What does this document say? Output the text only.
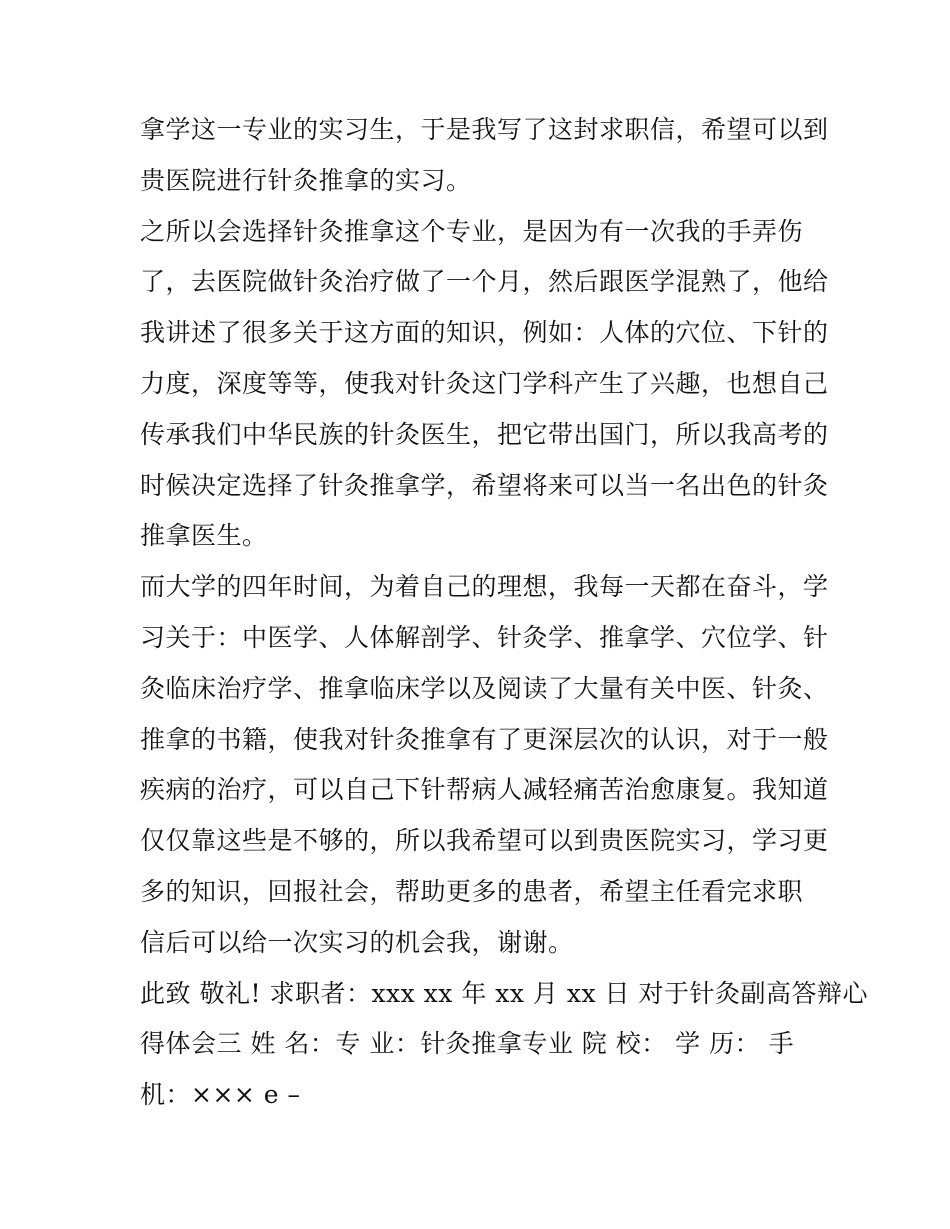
拿学这一专业的实习生，于是我写了这封求职信，希望可以到
贵医院进行针灸推拿的实习。
之所以会选择针灸推拿这个专业，是因为有一次我的手弄伤
了，去医院做针灸治疗做了一个月，然后跟医学混熟了，他给
我讲述了很多关于这方面的知识，例如：人体的穴位、下针的
力度，深度等等，使我对针灸这门学科产生了兴趣，也想自己
传承我们中华民族的针灸医生，把它带出国门，所以我高考的
时候决定选择了针灸推拿学，希望将来可以当一名出色的针灸
推拿医生。
而大学的四年时间，为着自己的理想，我每一天都在奋斗，学
习关于：中医学、人体解剖学、针灸学、推拿学、穴位学、针
灸临床治疗学、推拿临床学以及阅读了大量有关中医、针灸、
推拿的书籍，使我对针灸推拿有了更深层次的认识，对于一般
疾病的治疗，可以自己下针帮病人减轻痛苦治愈康复。我知道
仅仅靠这些是不够的，所以我希望可以到贵医院实习，学习更
多的知识，回报社会，帮助更多的患者，希望主任看完求职
信后可以给一次实习的机会我，谢谢。
此致 敬礼! 求职者：xxx xx 年 xx 月 xx 日 对于针灸副高答辩心
得体会三 姓 名：专 业：针灸推拿专业 院 校： 学 历： 手
机：××× e –
